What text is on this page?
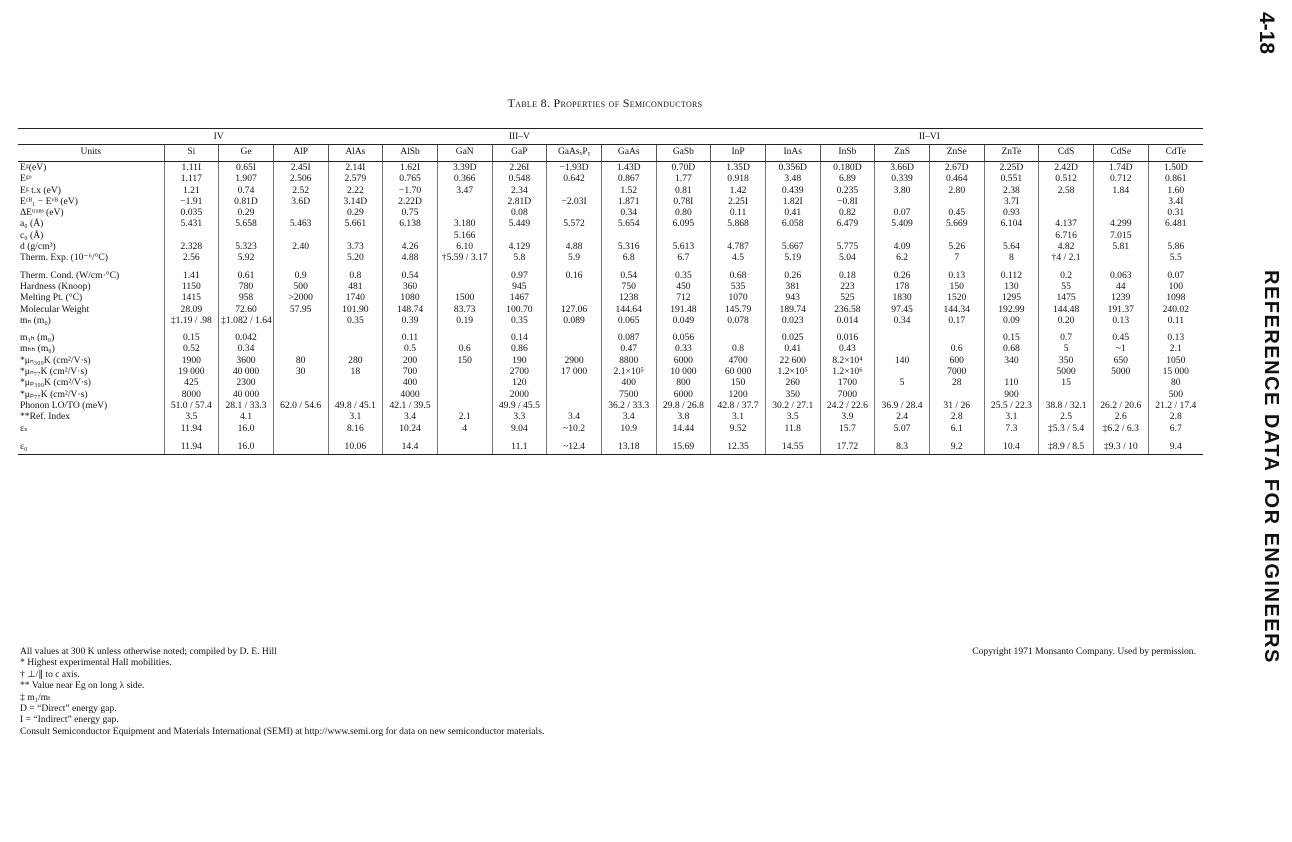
4-18
REFERENCE DATA FOR ENGINEERS
Table 8. Properties of Semiconductors
	IV		III–V									II–VI							
Units	Si	Ge	AlP	AlAs	AlSb	GaN	GaP	GaAsₓPᵧ	GaAs	GaSb	InP	InAs	InSb	ZnS	ZnSe	ZnTe	CdS	CdSe	CdTe
Eᵍ(eV)	1.11I	0.65I	2.45I	2.14I	1.62I	3.39D	2.26I	−1.93D	1.43D	0.70D	1.35D	0.356D	0.180D	3.66D	2.67D	2.25D	2.42D	1.74D	1.50D
Eᵍᵒ	1.117	1.907	2.506	2.579	0.765	0.366	0.548	0.642	0.867	1.77	0.918	3.48	6.89	0.339	0.464	0.551	0.512	0.712	0.861
Eᵍ t.x (eV)	1.21	0.74	2.52	2.22	−1.70	3.47	2.34		1.52	0.81	1.42	0.439	0.235	3.80	2.80	2.38	2.58	1.84	1.60
Eᶜᴮ₁ − Eᵛᴮ (eV)	−1.91	0.81D	3.6D	3.14D	2.22D		2.81D	−2.03I	1.871	0.78I	2.25I	1.82I	−0.8I			3.7I			3.4I
ΔEᵗʳᵃⁿˢ (eV)	0.035	0.29		0.29	0.75		0.08		0.34	0.80	0.11	0.41	0.82	0.07	0.45	0.93			0.31
a₀ (Å)	5.431	5.658	5.463	5.661	6.138	3.180	5.449	5.572	5.654	6.095	5.868	6.058	6.479	5.409	5.669	6.104	4.137	4.299	6.481
c₀ (Å)						5.166											6.716	7.015	
d (g/cm³)	2.328	5.323	2.40	3.73	4.26	6.10	4.129	4.88	5.316	5.613	4.787	5.667	5.775	4.09	5.26	5.64	4.82	5.81	5.86
Therm. Exp. (10⁻⁶/°C)	2.56	5.92		5.20	4.88	†5.59 / 3.17	5.8	5.9	6.8	6.7	4.5	5.19	5.04	6.2	7	8	†4 / 2.1		5.5

Therm. Cond. (W/cm·°C)	1.41	0.61	0.9	0.8	0.54		0.97	0.16	0.54	0.35	0.68	0.26	0.18	0.26	0.13	0.112	0.2	0.063	0.07
Hardness (Knoop)	1150	780	500	481	360		945		750	450	535	381	223	178	150	130	55	44	100
Melting Pt. (°C)	1415	958	>2000	1740	1080	1500	1467		1238	712	1070	943	525	1830	1520	1295	1475	1239	1098
Molecular Weight	28.09	72.60	57.95	101.90	148.74	83.73	100.70	127.06	144.64	191.48	145.79	189.74	236.58	97.45	144.34	192.99	144.48	191.37	240.02
mₙ (m₀)	‡1.19 / .98	‡1.082 / 1.64		0.35	0.39	0.19	0.35	0.089	0.065	0.049	0.078	0.023	0.014	0.34	0.17	0.09	0.20	0.13	0.11

m₁ₕ (m₀)	0.15	0.042			0.11		0.14		0.087	0.056		0.025	0.016			0.15	0.7	0.45	0.13
mₕₕ (m₀)	0.52	0.34			0.5	0.6	0.86		0.47	0.33	0.8	0.41	0.43		0.6	0.68	5	~1	2.1
*μₙ₃₀₀K (cm²/V·s)	1900	3600	80	280	200	150	190	2900	8800	6000	4700	22 600	8.2×10⁴	140	600	340	350	650	1050
*μₙ₇₇K (cm²/V·s)	19 000	40 000	30	18	700		2700	17 000	2.1×10⁵	10 000	60 000	1.2×10⁵	1.2×10⁶		7000		5000	5000	15 000
*μₚ₃₀₀K (cm²/V·s)	425	2300			400		120		400	800	150	260	1700	5	28	110	15		80
*μₚ₇₇K (cm²/V·s)	8000	40 000			4000		2000		7500	6000	1200	350	7000			900			500
Phonon LO/TO (meV)	51.0 / 57.4	28.1 / 33.3	62.0 / 54.6	49.8 / 45.1	42.1 / 39.5		49.9 / 45.5		36.2 / 33.3	29.8 / 26.8	42.8 / 37.7	30.2 / 27.1	24.2 / 22.6	36.9 / 28.4	31 / 26	25.5 / 22.3	38.8 / 32.1	26.2 / 20.6	21.2 / 17.4
**Ref. Index	3.5	4.1		3.1	3.4	2.1	3.3	3.4	3.4	3.8	3.1	3.5	3.9	2.4	2.8	3.1	2.5	2.6	2.8
εₛ	11.94	16.0		8.16	10.24	4	9.04	~10.2	10.9	14.44	9.52	11.8	15.7	5.07	6.1	7.3	‡5.3 / 5.4	‡6.2 / 6.3	6.7

ε₀	11.94	16.0		10.06	14.4		11.1	~12.4	13.18	15.69	12.35	14.55	17.72	8.3	9.2	10.4	‡8.9 / 8.5	‡9.3 / 10	9.4
All values at 300 K unless otherwise noted; compiled by D. E. Hill
* Highest experimental Hall mobilities.
† ⊥/∥ to c axis.
** Value near Eg on long λ side.
‡ m₁/mₜ
D = “Direct” energy gap.
I = “Indirect” energy gap.
Consult Semiconductor Equipment and Materials International (SEMI) at http://www.semi.org for data on new semiconductor materials.
Copyright 1971 Monsanto Company. Used by permission.
